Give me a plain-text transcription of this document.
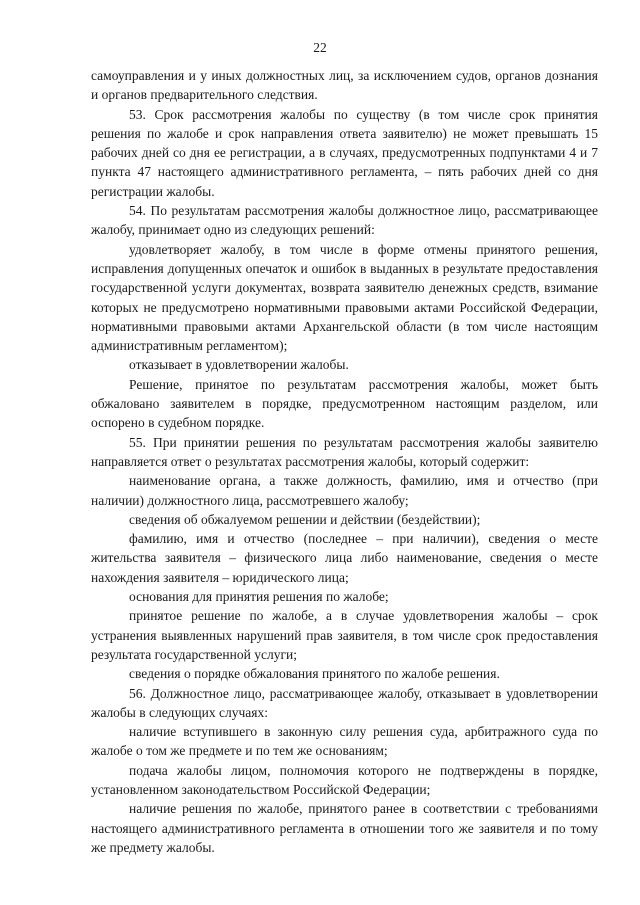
22

самоуправления и у иных должностных лиц, за исключением судов, органов дознания и органов предварительного следствия.

53. Срок рассмотрения жалобы по существу (в том числе срок принятия решения по жалобе и срок направления ответа заявителю) не может превышать 15 рабочих дней со дня ее регистрации, а в случаях, предусмотренных подпунктами 4 и 7 пункта 47 настоящего административного регламента, – пять рабочих дней со дня регистрации жалобы.

54. По результатам рассмотрения жалобы должностное лицо, рассматривающее жалобу, принимает одно из следующих решений:

удовлетворяет жалобу, в том числе в форме отмены принятого решения, исправления допущенных опечаток и ошибок в выданных в результате предоставления государственной услуги документах, возврата заявителю денежных средств, взимание которых не предусмотрено нормативными правовыми актами Российской Федерации, нормативными правовыми актами Архангельской области (в том числе настоящим административным регламентом);

отказывает в удовлетворении жалобы.

Решение, принятое по результатам рассмотрения жалобы, может быть обжаловано заявителем в порядке, предусмотренном настоящим разделом, или оспорено в судебном порядке.

55. При принятии решения по результатам рассмотрения жалобы заявителю направляется ответ о результатах рассмотрения жалобы, который содержит:

наименование органа, а также должность, фамилию, имя и отчество (при наличии) должностного лица, рассмотревшего жалобу;

сведения об обжалуемом решении и действии (бездействии);

фамилию, имя и отчество (последнее – при наличии), сведения о месте жительства заявителя – физического лица либо наименование, сведения о месте нахождения заявителя – юридического лица;

основания для принятия решения по жалобе;

принятое решение по жалобе, а в случае удовлетворения жалобы – срок устранения выявленных нарушений прав заявителя, в том числе срок предоставления результата государственной услуги;

сведения о порядке обжалования принятого по жалобе решения.

56. Должностное лицо, рассматривающее жалобу, отказывает в удовлетворении жалобы в следующих случаях:

наличие вступившего в законную силу решения суда, арбитражного суда по жалобе о том же предмете и по тем же основаниям;

подача жалобы лицом, полномочия которого не подтверждены в порядке, установленном законодательством Российской Федерации;

наличие решения по жалобе, принятого ранее в соответствии с требованиями настоящего административного регламента в отношении того же заявителя и по тому же предмету жалобы.
